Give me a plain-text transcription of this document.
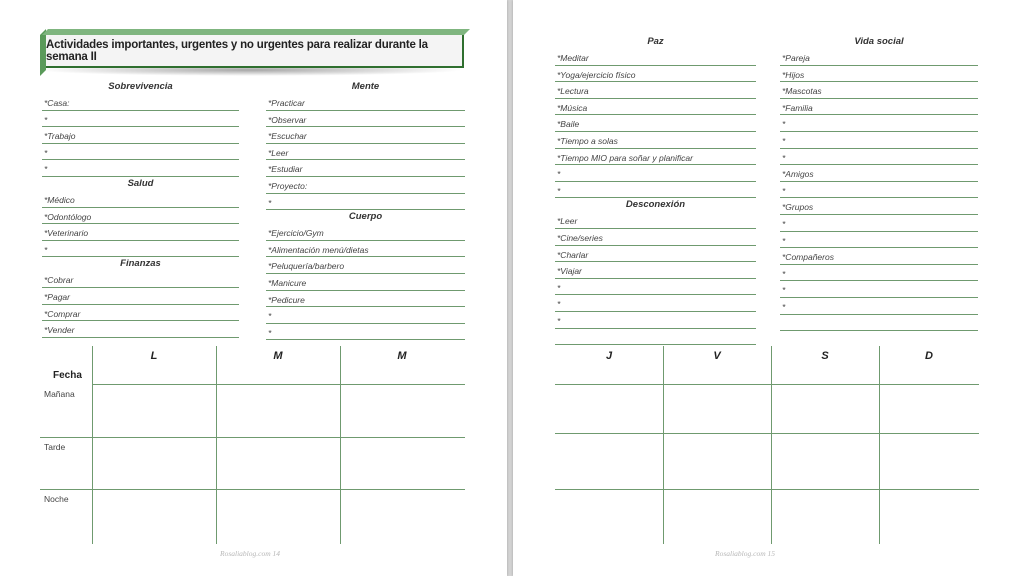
Actividades importantes, urgentes y no urgentes para realizar durante la semana II
Sobrevivencia
*Casa:
*
*Trabajo
*
*
Salud
*Médico
*Odontólogo
*Veterinario
*
Finanzas
*Cobrar
*Pagar
*Comprar
*Vender
Mente
*Practicar
*Observar
*Escuchar
*Leer
*Estudiar
*Proyecto:
*
Cuerpo
*Ejercicio/Gym
*Alimentación menú/dietas
*Peluquería/barbero
*Manicure
*Pedicure
*
*
L	M	M
Fecha
Mañana
Tarde
Noche
Rosaliablog.com 14
Paz
*Meditar
*Yoga/ejercicio físico
*Lectura
*Música
*Baile
*Tiempo a solas
*Tiempo MIO para soñar y planificar
*
*
Desconexión
*Leer
*Cine/series
*Charlar
*Viajar
*
*
*
Vida social
*Pareja
*Hijos
*Mascotas
*Familia
*
*
*
*Amigos
*
*Grupos
*
*
*Compañeros
*
*
*
J	V	S	D
Rosaliablog.com 15
